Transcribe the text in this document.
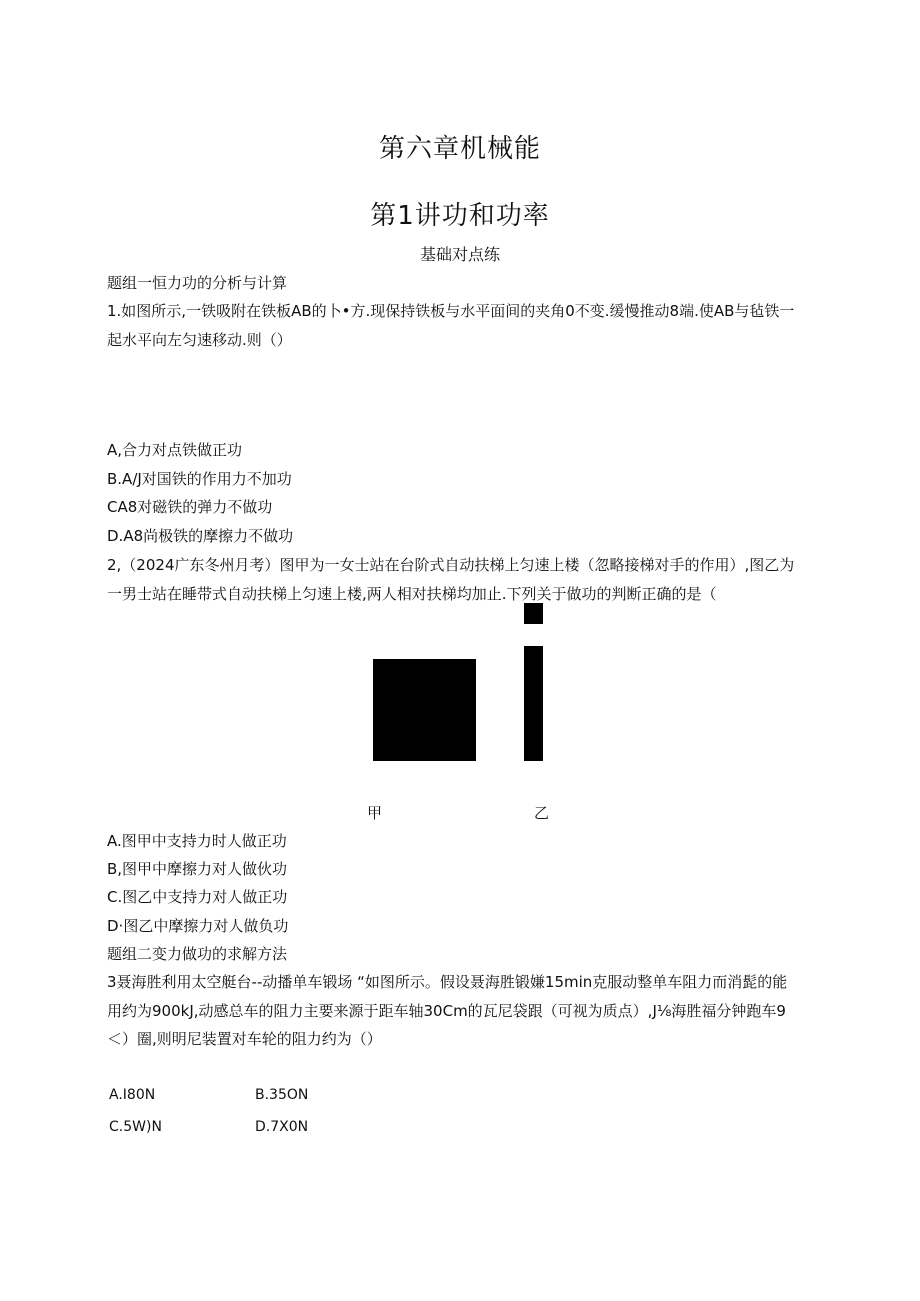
第六章机械能
第1讲功和功率
基础对点练
题组一恒力功的分析与计算
1.如图所示,一铁吸附在铁板AB的卜•方.现保持铁板与水平面间的夹角0不变.缓慢推动8端.使AB与毡铁一
起水平向左匀速移动.则（）
A,合力对点铁做正功
B.A/J对国铁的作用力不加功
CA8对磁铁的弹力不做功
D.A8尚极铁的摩擦力不做功
2,（2024广东冬州月考）图甲为一女士站在台阶式自动扶梯上匀速上楼（忽略接梯对手的作用）,图乙为
一男士站在睡带式自动扶梯上匀速上楼,两人相对扶梯均加止.下列关于做功的判断正确的是（
甲	乙
A.图甲中支持力时人做正功
B,图甲中摩擦力对人做伙功
C.图乙中支持力对人做正功
D·图乙中摩擦力对人做负功
题组二变力做功的求解方法
3聂海胜利用太空艇台--动播单车锻场 “如图所示。假设聂海胜锻嫌15min克服动整单车阻力而消髭的能
用约为900kJ,动感总车的阻力主要来源于距车轴30Cm的瓦尼袋跟（可视为质点）,J⅛海胜福分钟跑车9
＜）圈,则明尼装置对车轮的阻力约为（）
A.I80N	B.35ON
C.5W)N	D.7X0N
